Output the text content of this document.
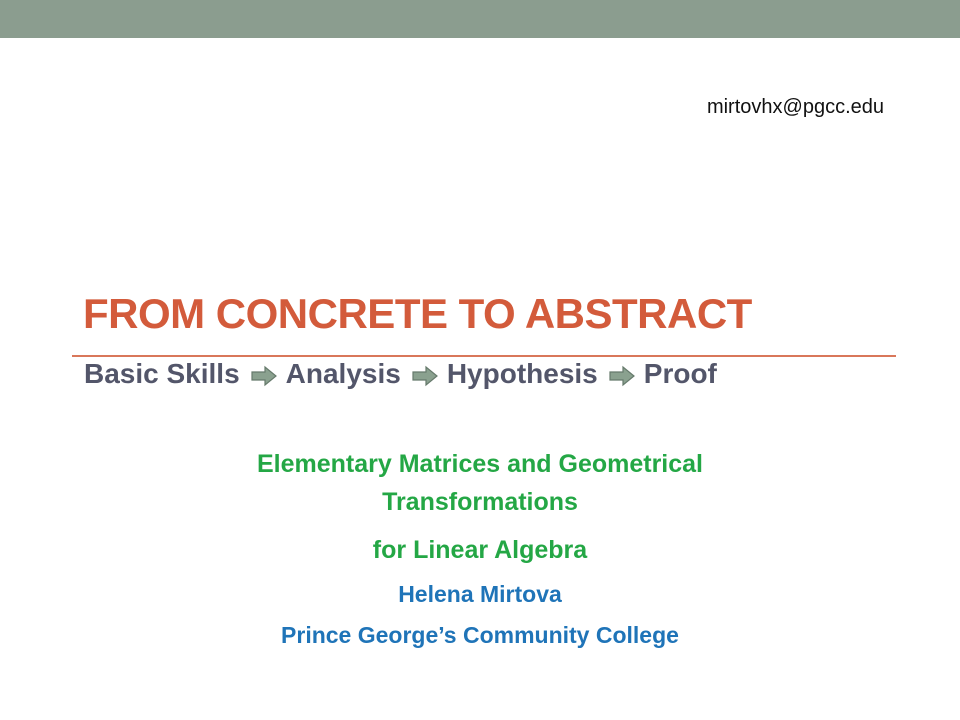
mirtovhx@pgcc.edu
FROM CONCRETE TO ABSTRACT
Basic Skills Analysis Hypothesis Proof
Elementary Matrices and Geometrical
Transformations
for Linear Algebra
Helena Mirtova
Prince George’s Community College
